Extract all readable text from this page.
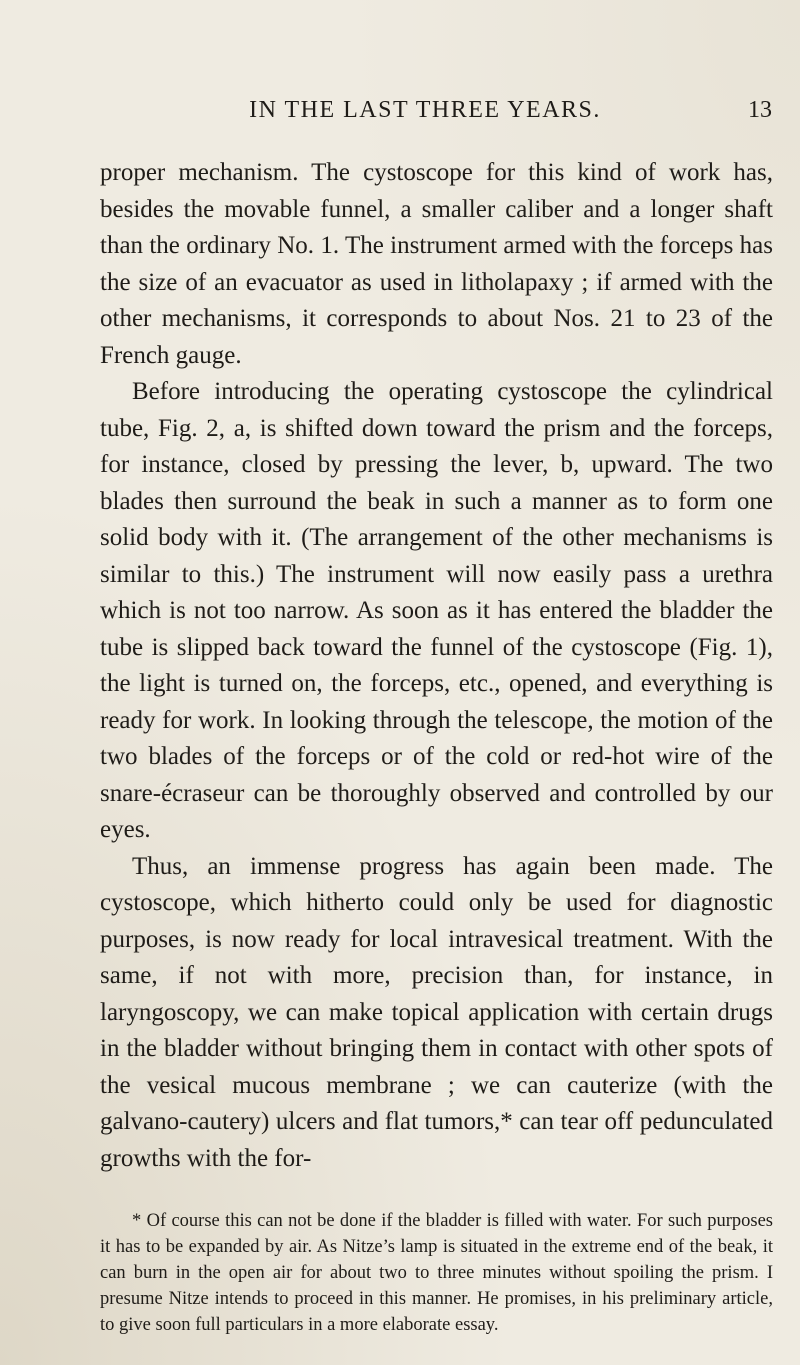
IN THE LAST THREE YEARS.	13

proper mechanism. The cystoscope for this kind of work has, besides the movable funnel, a smaller caliber and a longer shaft than the ordinary No. 1. The instrument armed with the forceps has the size of an evacuator as used in litholapaxy ; if armed with the other mechanisms, it corresponds to about Nos. 21 to 23 of the French gauge.

Before introducing the operating cystoscope the cylindrical tube, Fig. 2, a, is shifted down toward the prism and the forceps, for instance, closed by pressing the lever, b, upward. The two blades then surround the beak in such a manner as to form one solid body with it. (The arrangement of the other mechanisms is similar to this.) The instrument will now easily pass a urethra which is not too narrow. As soon as it has entered the bladder the tube is slipped back toward the funnel of the cystoscope (Fig. 1), the light is turned on, the forceps, etc., opened, and everything is ready for work. In looking through the telescope, the motion of the two blades of the forceps or of the cold or red-hot wire of the snare-écraseur can be thoroughly observed and controlled by our eyes.

Thus, an immense progress has again been made. The cystoscope, which hitherto could only be used for diagnostic purposes, is now ready for local intravesical treatment. With the same, if not with more, precision than, for instance, in laryngoscopy, we can make topical application with certain drugs in the bladder without bringing them in contact with other spots of the vesical mucous membrane ; we can cauterize (with the galvano-cautery) ulcers and flat tumors,* can tear off pedunculated growths with the for-

* Of course this can not be done if the bladder is filled with water. For such purposes it has to be expanded by air. As Nitze’s lamp is situated in the extreme end of the beak, it can burn in the open air for about two to three minutes without spoiling the prism. I presume Nitze intends to proceed in this manner. He promises, in his preliminary article, to give soon full particulars in a more elaborate essay.
